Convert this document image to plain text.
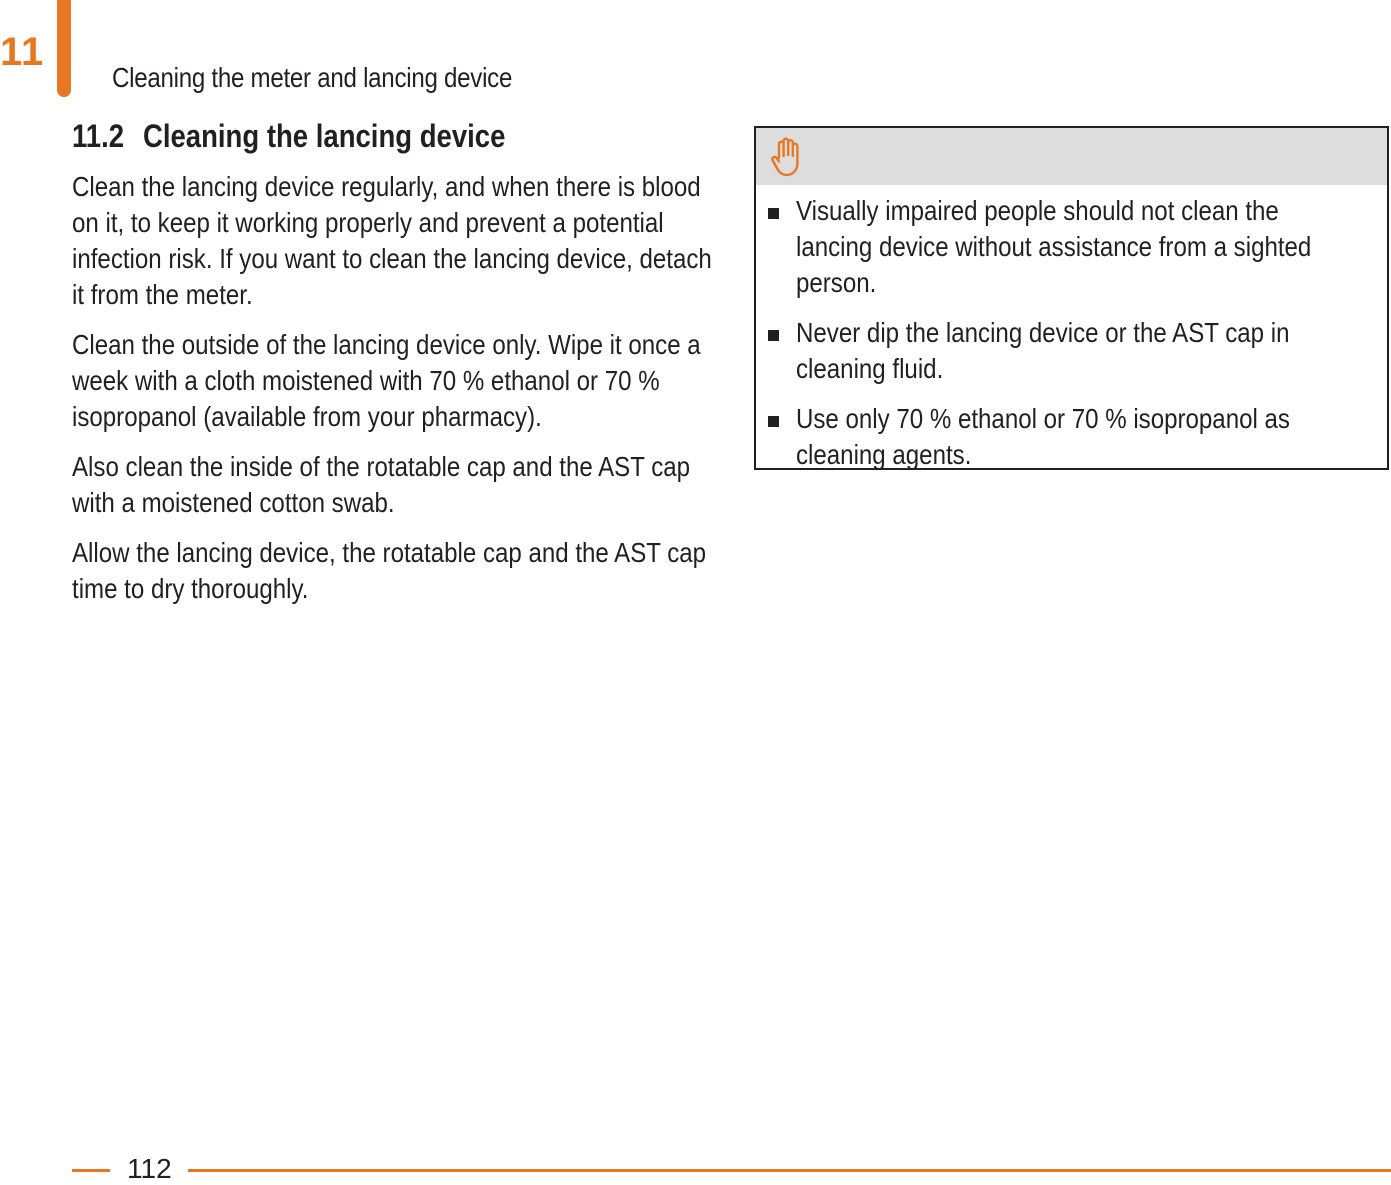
11
Cleaning the meter and lancing device
11.2 Cleaning the lancing device

Clean the lancing device regularly, and when there is blood on it, to keep it working properly and prevent a potential infection risk. If you want to clean the lancing device, detach it from the meter.

Clean the outside of the lancing device only. Wipe it once a week with a cloth moistened with 70 % ethanol or 70 % isopropanol (available from your pharmacy).

Also clean the inside of the rotatable cap and the AST cap with a moistened cotton swab.

Allow the lancing device, the rotatable cap and the AST cap time to dry thoroughly.

Visually impaired people should not clean the lancing device without assistance from a sighted person.
Never dip the lancing device or the AST cap in cleaning fluid.
Use only 70 % ethanol or 70 % isopropanol as cleaning agents.
112
